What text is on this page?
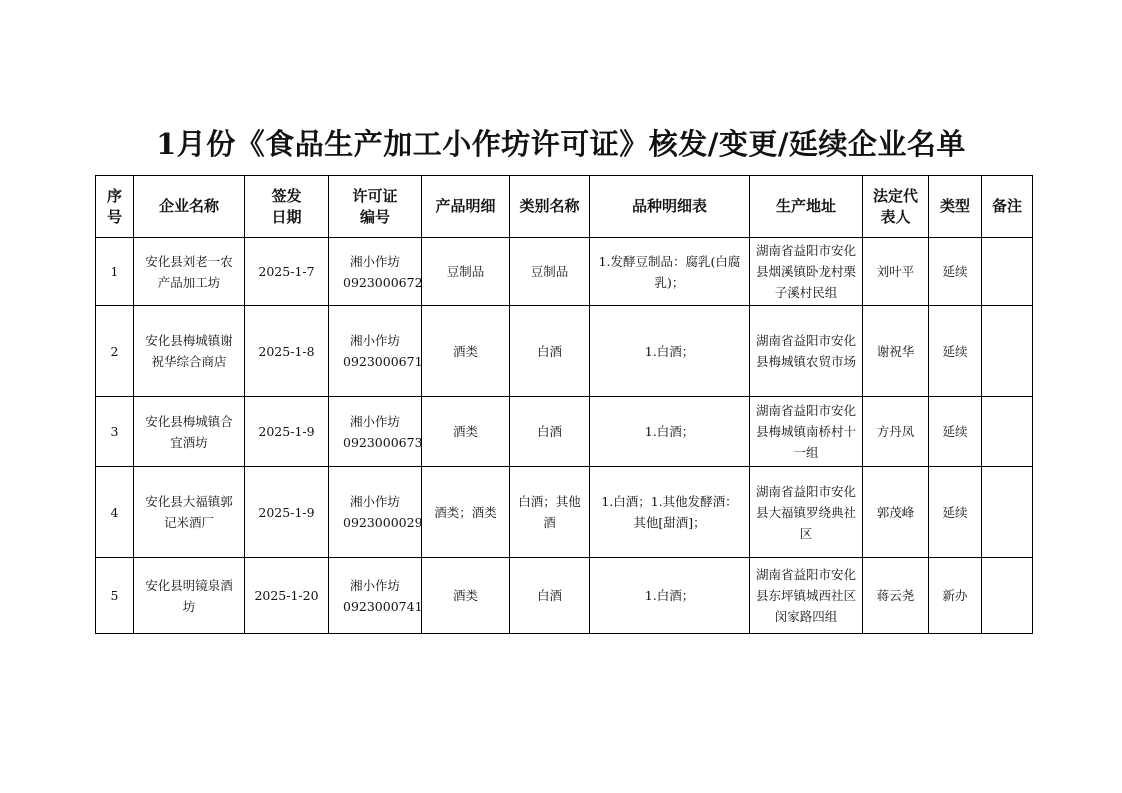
1月份《食品生产加工小作坊许可证》核发/变更/延续企业名单
序号	企业名称	签发日期	许可证编号	产品明细	类别名称	品种明细表	生产地址	法定代表人	类型	备注
1	安化县刘老一农产品加工坊	2025-1-7	湘小作坊0923000672	豆制品	豆制品	1.发酵豆制品：腐乳(白腐乳)；	湖南省益阳市安化县烟溪镇卧龙村栗子溪村民组	刘叶平	延续	
2	安化县梅城镇谢祝华综合商店	2025-1-8	湘小作坊0923000671	酒类	白酒	1.白酒；	湖南省益阳市安化县梅城镇农贸市场	谢祝华	延续	
3	安化县梅城镇合宜酒坊	2025-1-9	湘小作坊0923000673	酒类	白酒	1.白酒；	湖南省益阳市安化县梅城镇南桥村十一组	方丹凤	延续	
4	安化县大福镇郭记米酒厂	2025-1-9	湘小作坊0923000029	酒类；酒类	白酒；其他酒	1.白酒；1.其他发酵酒：其他[甜酒]；	湖南省益阳市安化县大福镇罗绕典社区	郭茂峰	延续	
5	安化县明镜泉酒坊	2025-1-20	湘小作坊0923000741	酒类	白酒	1.白酒；	湖南省益阳市安化县东坪镇城西社区闵家路四组	蒋云尧	新办	
